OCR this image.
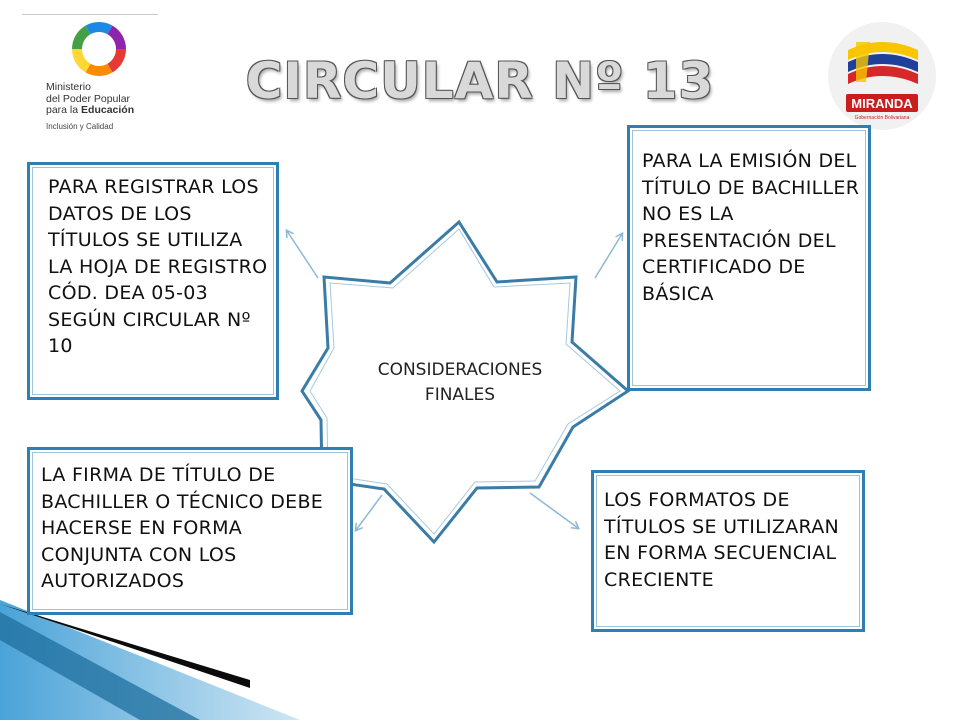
Ministerio
del Poder Popular
para la Educación
Inclusión y Calidad
CIRCULAR Nº 13	MIRANDA
Gobernación Bolivariana
CONSIDERACIONES
FINALES

PARA REGISTRAR LOS DATOS DE LOS TÍTULOS SE UTILIZA LA HOJA DE REGISTRO CÓD. DEA 05-03 SEGÚN CIRCULAR Nº 10

PARA LA EMISIÓN DEL TÍTULO DE BACHILLER NO ES LA PRESENTACIÓN DEL CERTIFICADO DE BÁSICA

LA FIRMA DE TÍTULO DE BACHILLER O TÉCNICO DEBE HACERSE EN FORMA CONJUNTA CON LOS AUTORIZADOS

LOS FORMATOS DE TÍTULOS SE UTILIZARAN EN FORMA SECUENCIAL CRECIENTE
